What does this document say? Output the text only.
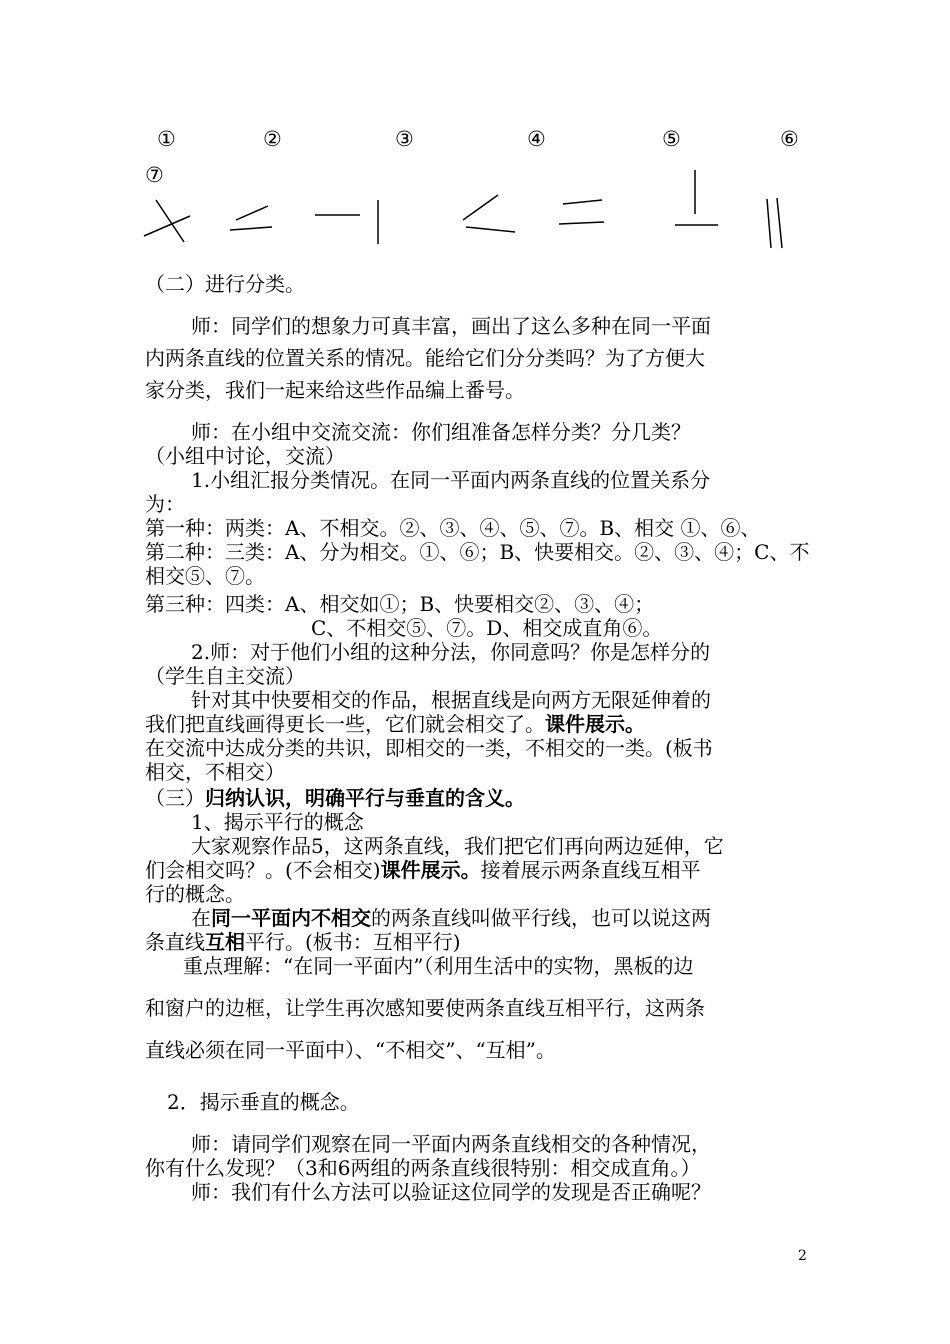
①	②	③	④	⑤	⑥
⑦
（二）进行分类。
师：同学们的想象力可真丰富，画出了这么多种在同一平面
内两条直线的位置关系的情况。能给它们分分类吗？为了方便大
家分类，我们一起来给这些作品编上番号。
师：在小组中交流交流：你们组准备怎样分类？分几类？
（小组中讨论，交流）
1.小组汇报分类情况。在同一平面内两条直线的位置关系分
为：
第一种：两类：A、不相交。②、③、④、⑤、⑦。B、相交 ①、⑥、
第二种：三类：A、分为相交。①、⑥；B、快要相交。②、③、④；C、不
相交⑤、⑦。
第三种：四类：A、相交如①；B、快要相交②、③、④；
C、不相交⑤、⑦。D、相交成直角⑥。
2.师：对于他们小组的这种分法，你同意吗？你是怎样分的
（学生自主交流）
针对其中快要相交的作品，根据直线是向两方无限延伸着的
我们把直线画得更长一些，它们就会相交了。课件展示。
在交流中达成分类的共识，即相交的一类，不相交的一类。(板书
相交，不相交）
（三）归纳认识，明确平行与垂直的含义。
1、揭示平行的概念
大家观察作品5，这两条直线，我们把它们再向两边延伸，它
们会相交吗？。(不会相交)课件展示。接着展示两条直线互相平
行的概念。
在同一平面内不相交的两条直线叫做平行线，也可以说这两
条直线互相平行。(板书：互相平行)
重点理解：“在同一平面内”（利用生活中的实物，黑板的边
和窗户的边框，让学生再次感知要使两条直线互相平行，这两条
直线必须在同一平面中）、“不相交”、“互相”。
2．揭示垂直的概念。
师：请同学们观察在同一平面内两条直线相交的各种情况，
你有什么发现？（3和6两组的两条直线很特别：相交成直角。）
师：我们有什么方法可以验证这位同学的发现是否正确呢？
2
